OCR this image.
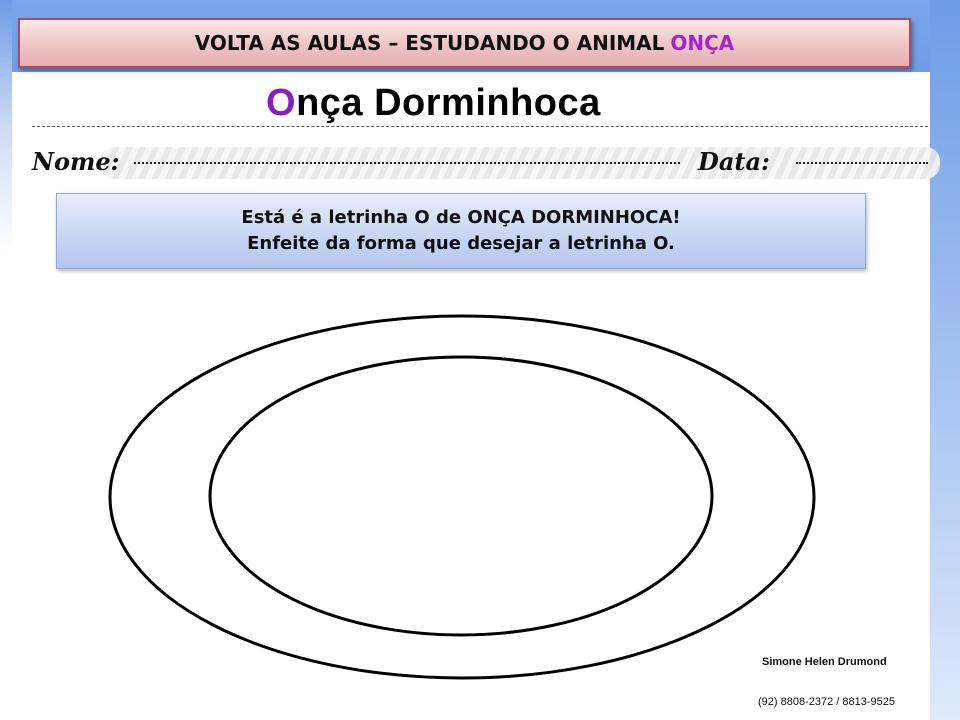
VOLTA AS AULAS – ESTUDANDO O ANIMAL ONÇA
Onça Dorminhoca
Nome:	Data:
Está é a letrinha O de ONÇA DORMINHOCA!
Enfeite da forma que desejar a letrinha O.
Simone Helen Drumond
(92) 8808-2372 / 8813-9525
